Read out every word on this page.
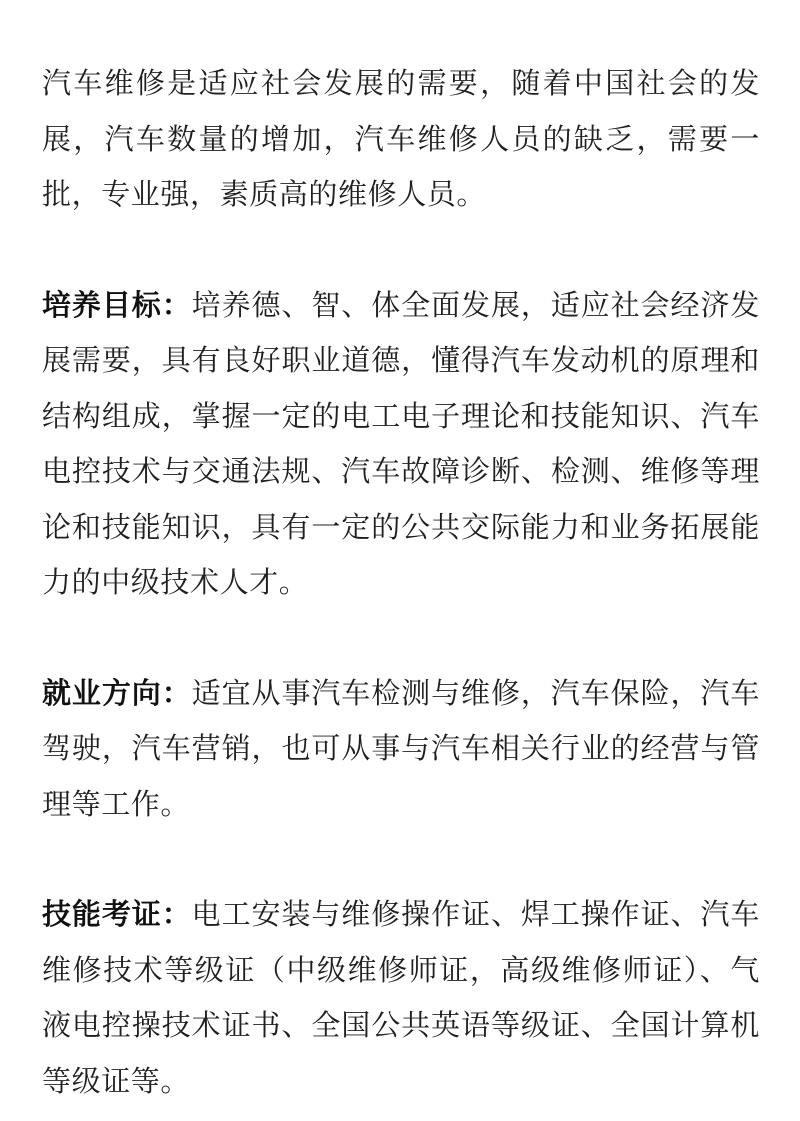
汽车维修是适应社会发展的需要，随着中国社会的发展，汽车数量的增加，汽车维修人员的缺乏，需要一批，专业强，素质高的维修人员。

培养目标：培养德、智、体全面发展，适应社会经济发展需要，具有良好职业道德，懂得汽车发动机的原理和结构组成，掌握一定的电工电子理论和技能知识、汽车电控技术与交通法规、汽车故障诊断、检测、维修等理论和技能知识，具有一定的公共交际能力和业务拓展能力的中级技术人才。

就业方向：适宜从事汽车检测与维修，汽车保险，汽车驾驶，汽车营销，也可从事与汽车相关行业的经营与管理等工作。

技能考证：电工安装与维修操作证、焊工操作证、汽车维修技术等级证（中级维修师证，高级维修师证）、气液电控操技术证书、全国公共英语等级证、全国计算机等级证等。
